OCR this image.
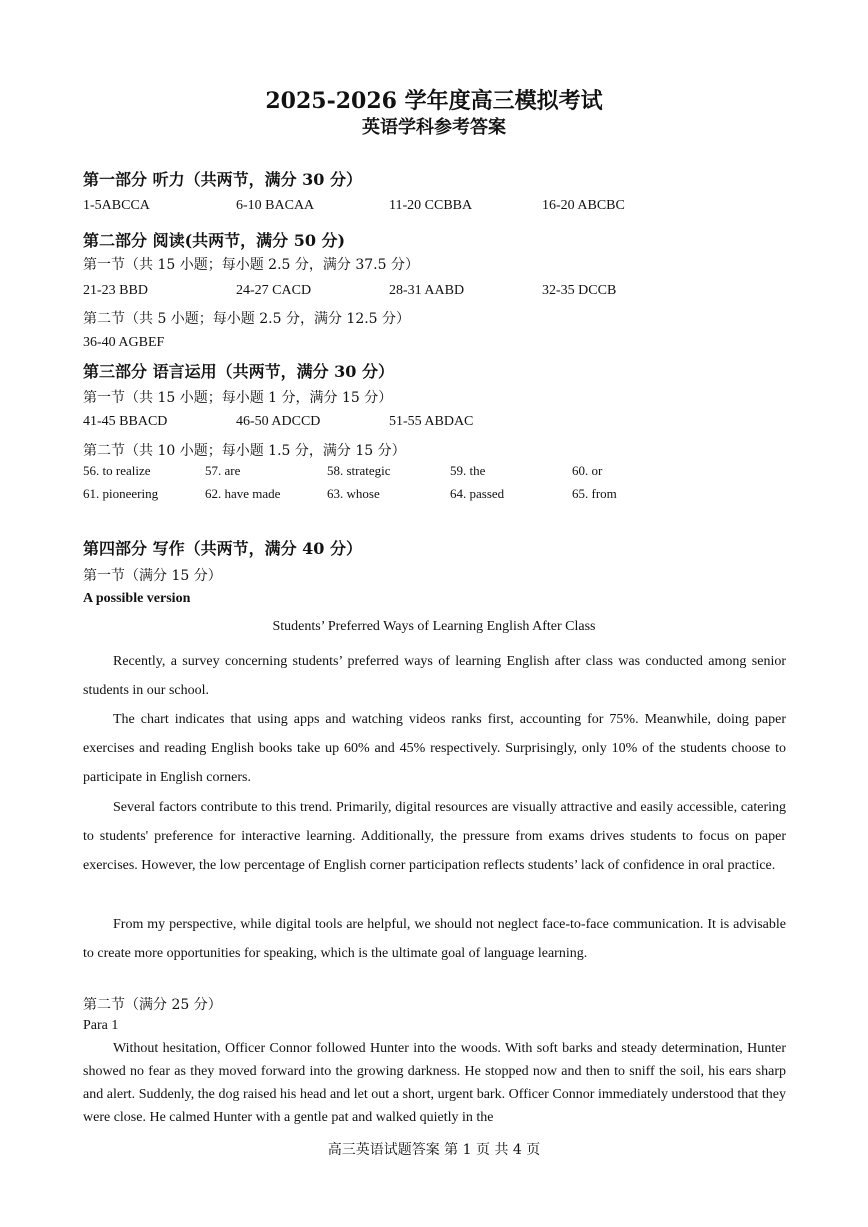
2025-2026 学年度高三模拟考试
英语学科参考答案
第一部分 听力（共两节，满分 30 分）
1-5ABCCA	6-10 BACAA	11-20 CCBBA	16-20 ABCBC
第二部分 阅读(共两节，满分 50 分)
第一节（共 15 小题；每小题 2.5 分，满分 37.5 分）
21-23 BBD	24-27 CACD	28-31 AABD	32-35 DCCB
第二节（共 5 小题；每小题 2.5 分，满分 12.5 分）
36-40 AGBEF
第三部分 语言运用（共两节，满分 30 分）
第一节（共 15 小题；每小题 1 分，满分 15 分）
41-45 BBACD	46-50 ADCCD	51-55 ABDAC
第二节（共 10 小题；每小题 1.5 分，满分 15 分）
56. to realize	57. are	58. strategic	59. the	60. or
61. pioneering	62. have made	63. whose	64. passed	65. from
第四部分 写作（共两节，满分 40 分）
第一节（满分 15 分）
A possible version
Students’ Preferred Ways of Learning English After Class
Recently, a survey concerning students’ preferred ways of learning English after class was conducted among senior students in our school.
The chart indicates that using apps and watching videos ranks first, accounting for 75%. Meanwhile, doing paper exercises and reading English books take up 60% and 45% respectively. Surprisingly, only 10% of the students choose to participate in English corners.
Several factors contribute to this trend. Primarily, digital resources are visually attractive and easily accessible, catering to students' preference for interactive learning. Additionally, the pressure from exams drives students to focus on paper exercises. However, the low percentage of English corner participation reflects students’ lack of confidence in oral practice.
From my perspective, while digital tools are helpful, we should not neglect face-to-face communication. It is advisable to create more opportunities for speaking, which is the ultimate goal of language learning.
第二节（满分 25 分）
Para 1
Without hesitation, Officer Connor followed Hunter into the woods. With soft barks and steady determination, Hunter showed no fear as they moved forward into the growing darkness. He stopped now and then to sniff the soil, his ears sharp and alert. Suddenly, the dog raised his head and let out a short, urgent bark. Officer Connor immediately understood that they were close. He calmed Hunter with a gentle pat and walked quietly in the
高三英语试题答案 第 1 页 共 4 页
